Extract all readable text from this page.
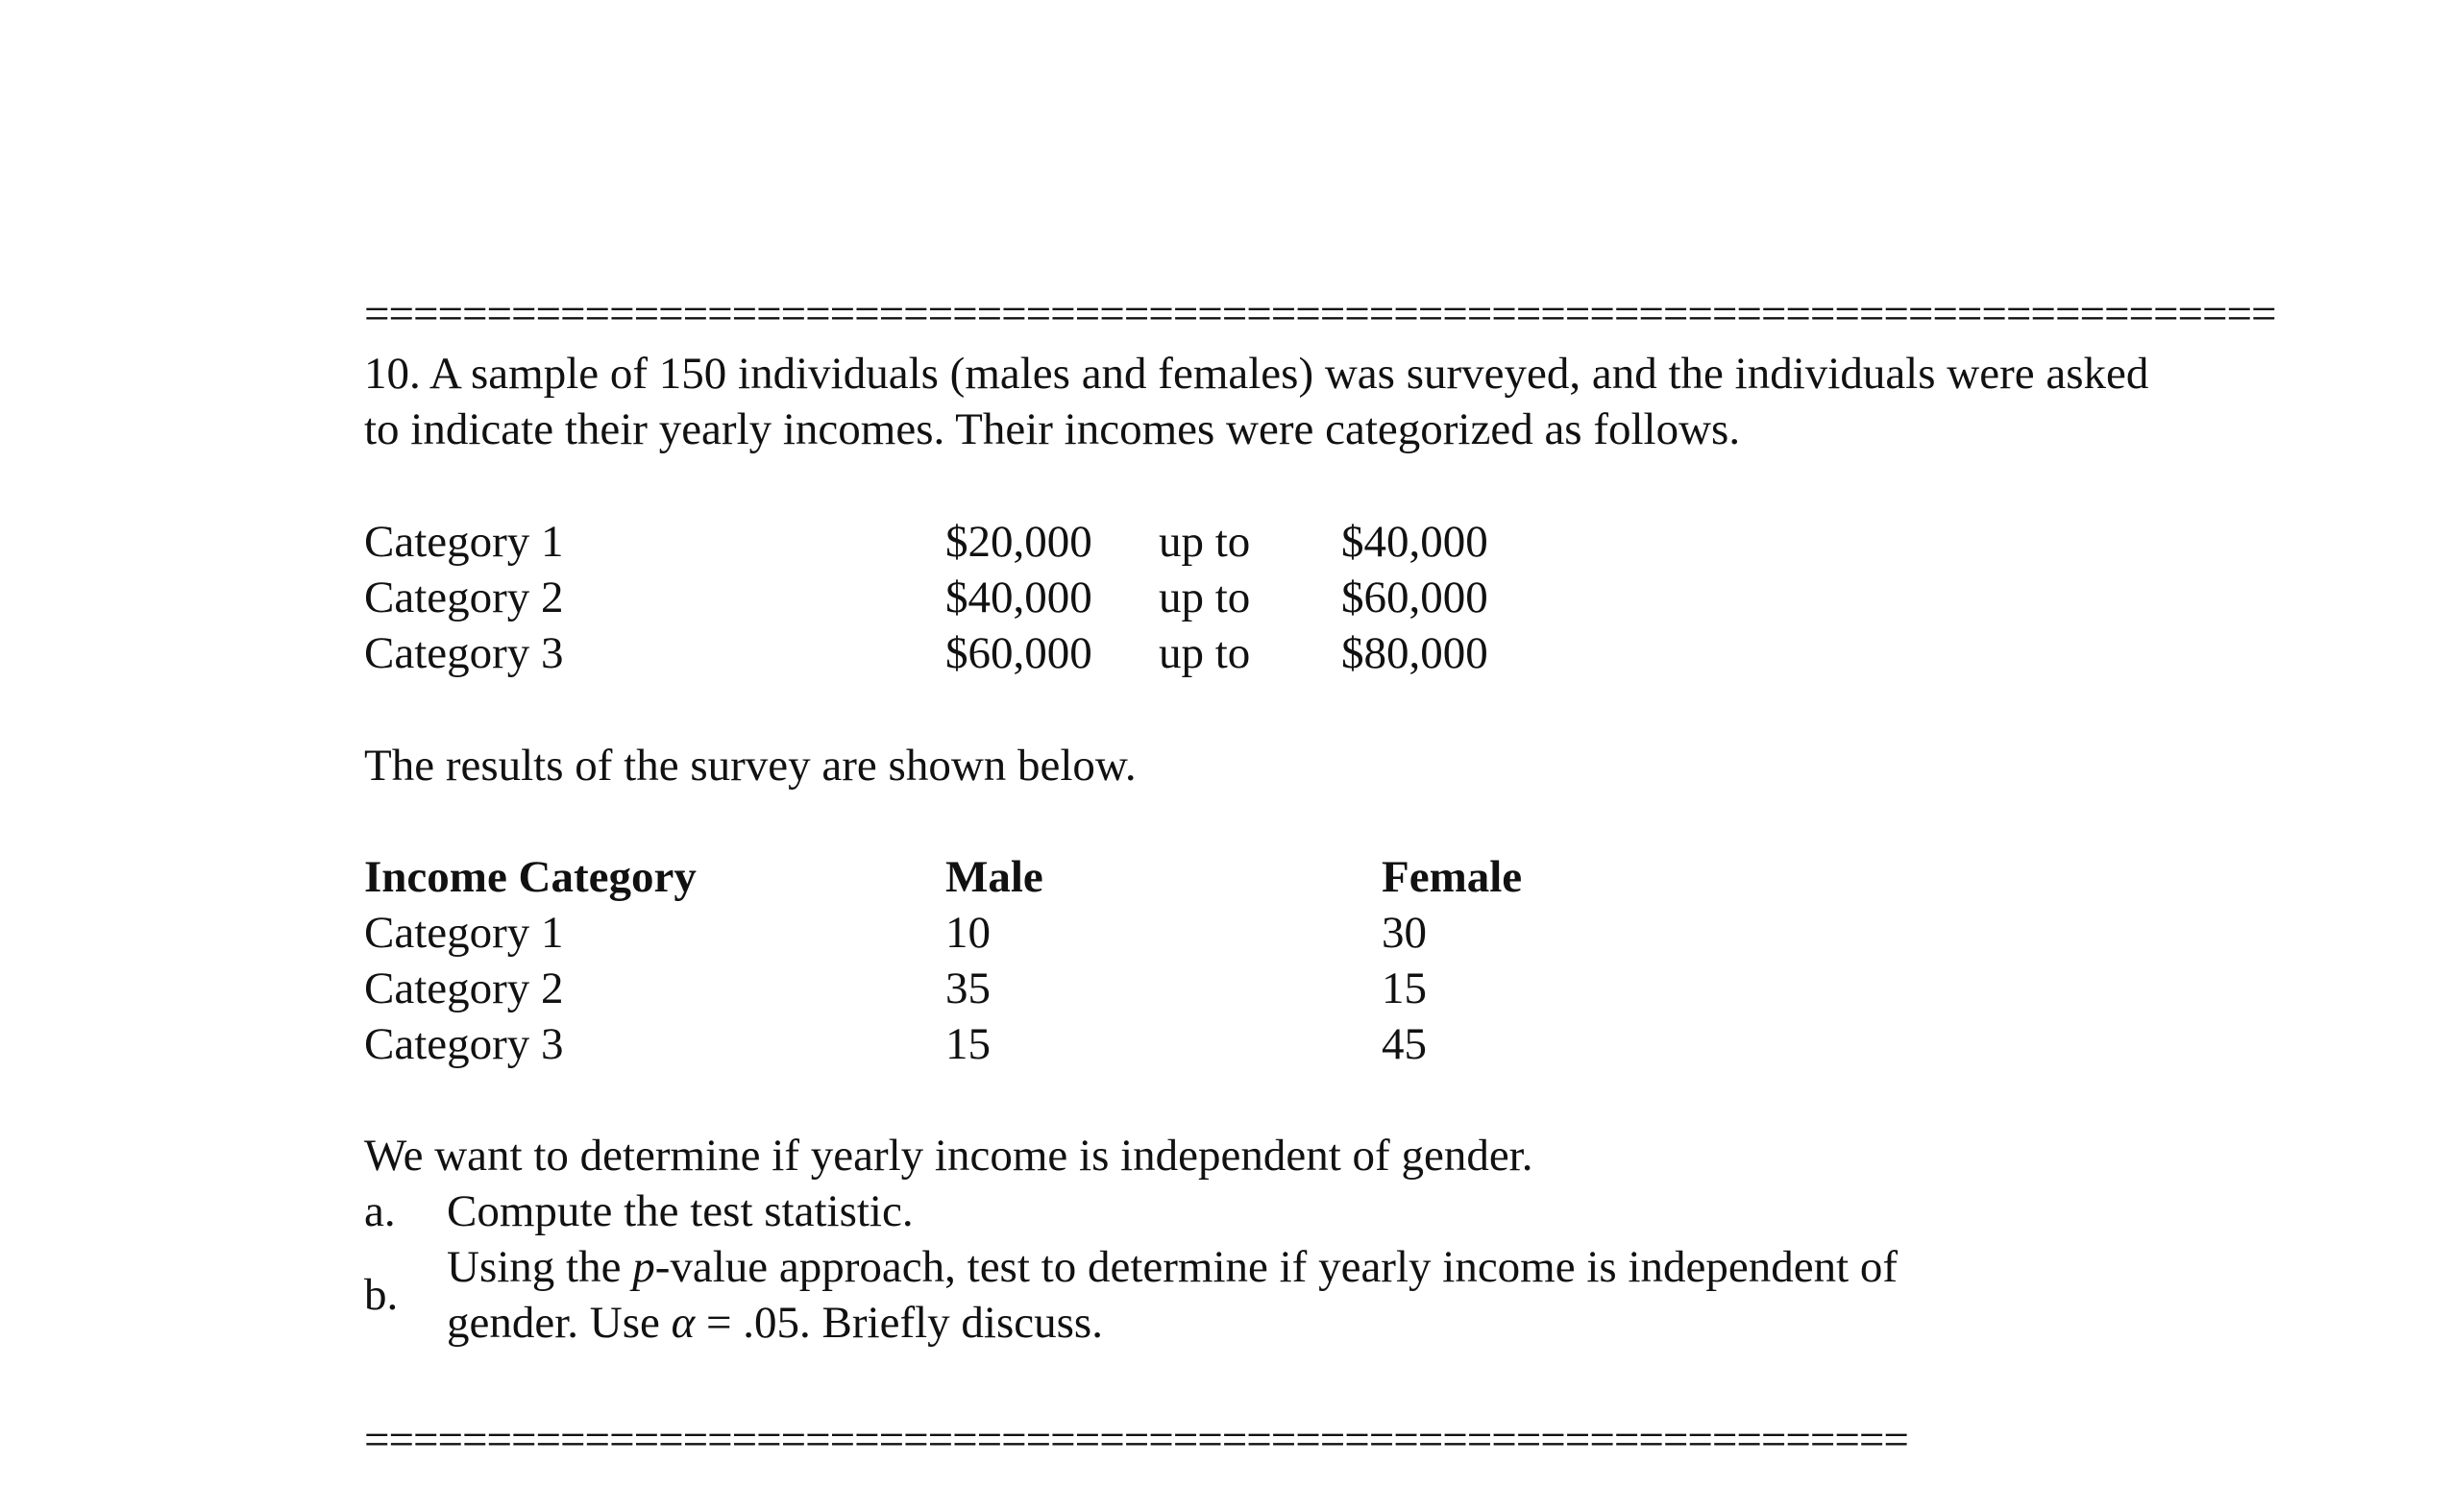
==============================================================================
10. A sample of 150 individuals (males and females) was surveyed, and the individuals were asked
to indicate their yearly incomes. Their incomes were categorized as follows.
Category 1	$20,000 up to $40,000
Category 2	$40,000 up to $60,000
Category 3	$60,000 up to $80,000
The results of the survey are shown below.
Income Category	Male	Female
Category 1	10	30
Category 2	35	15
Category 3	15	45
We want to determine if yearly income is independent of gender.
a. Compute the test statistic.
b.
Using the p-value approach, test to determine if yearly income is independent of
gender. Use α = .05. Briefly discuss.
===============================================================
